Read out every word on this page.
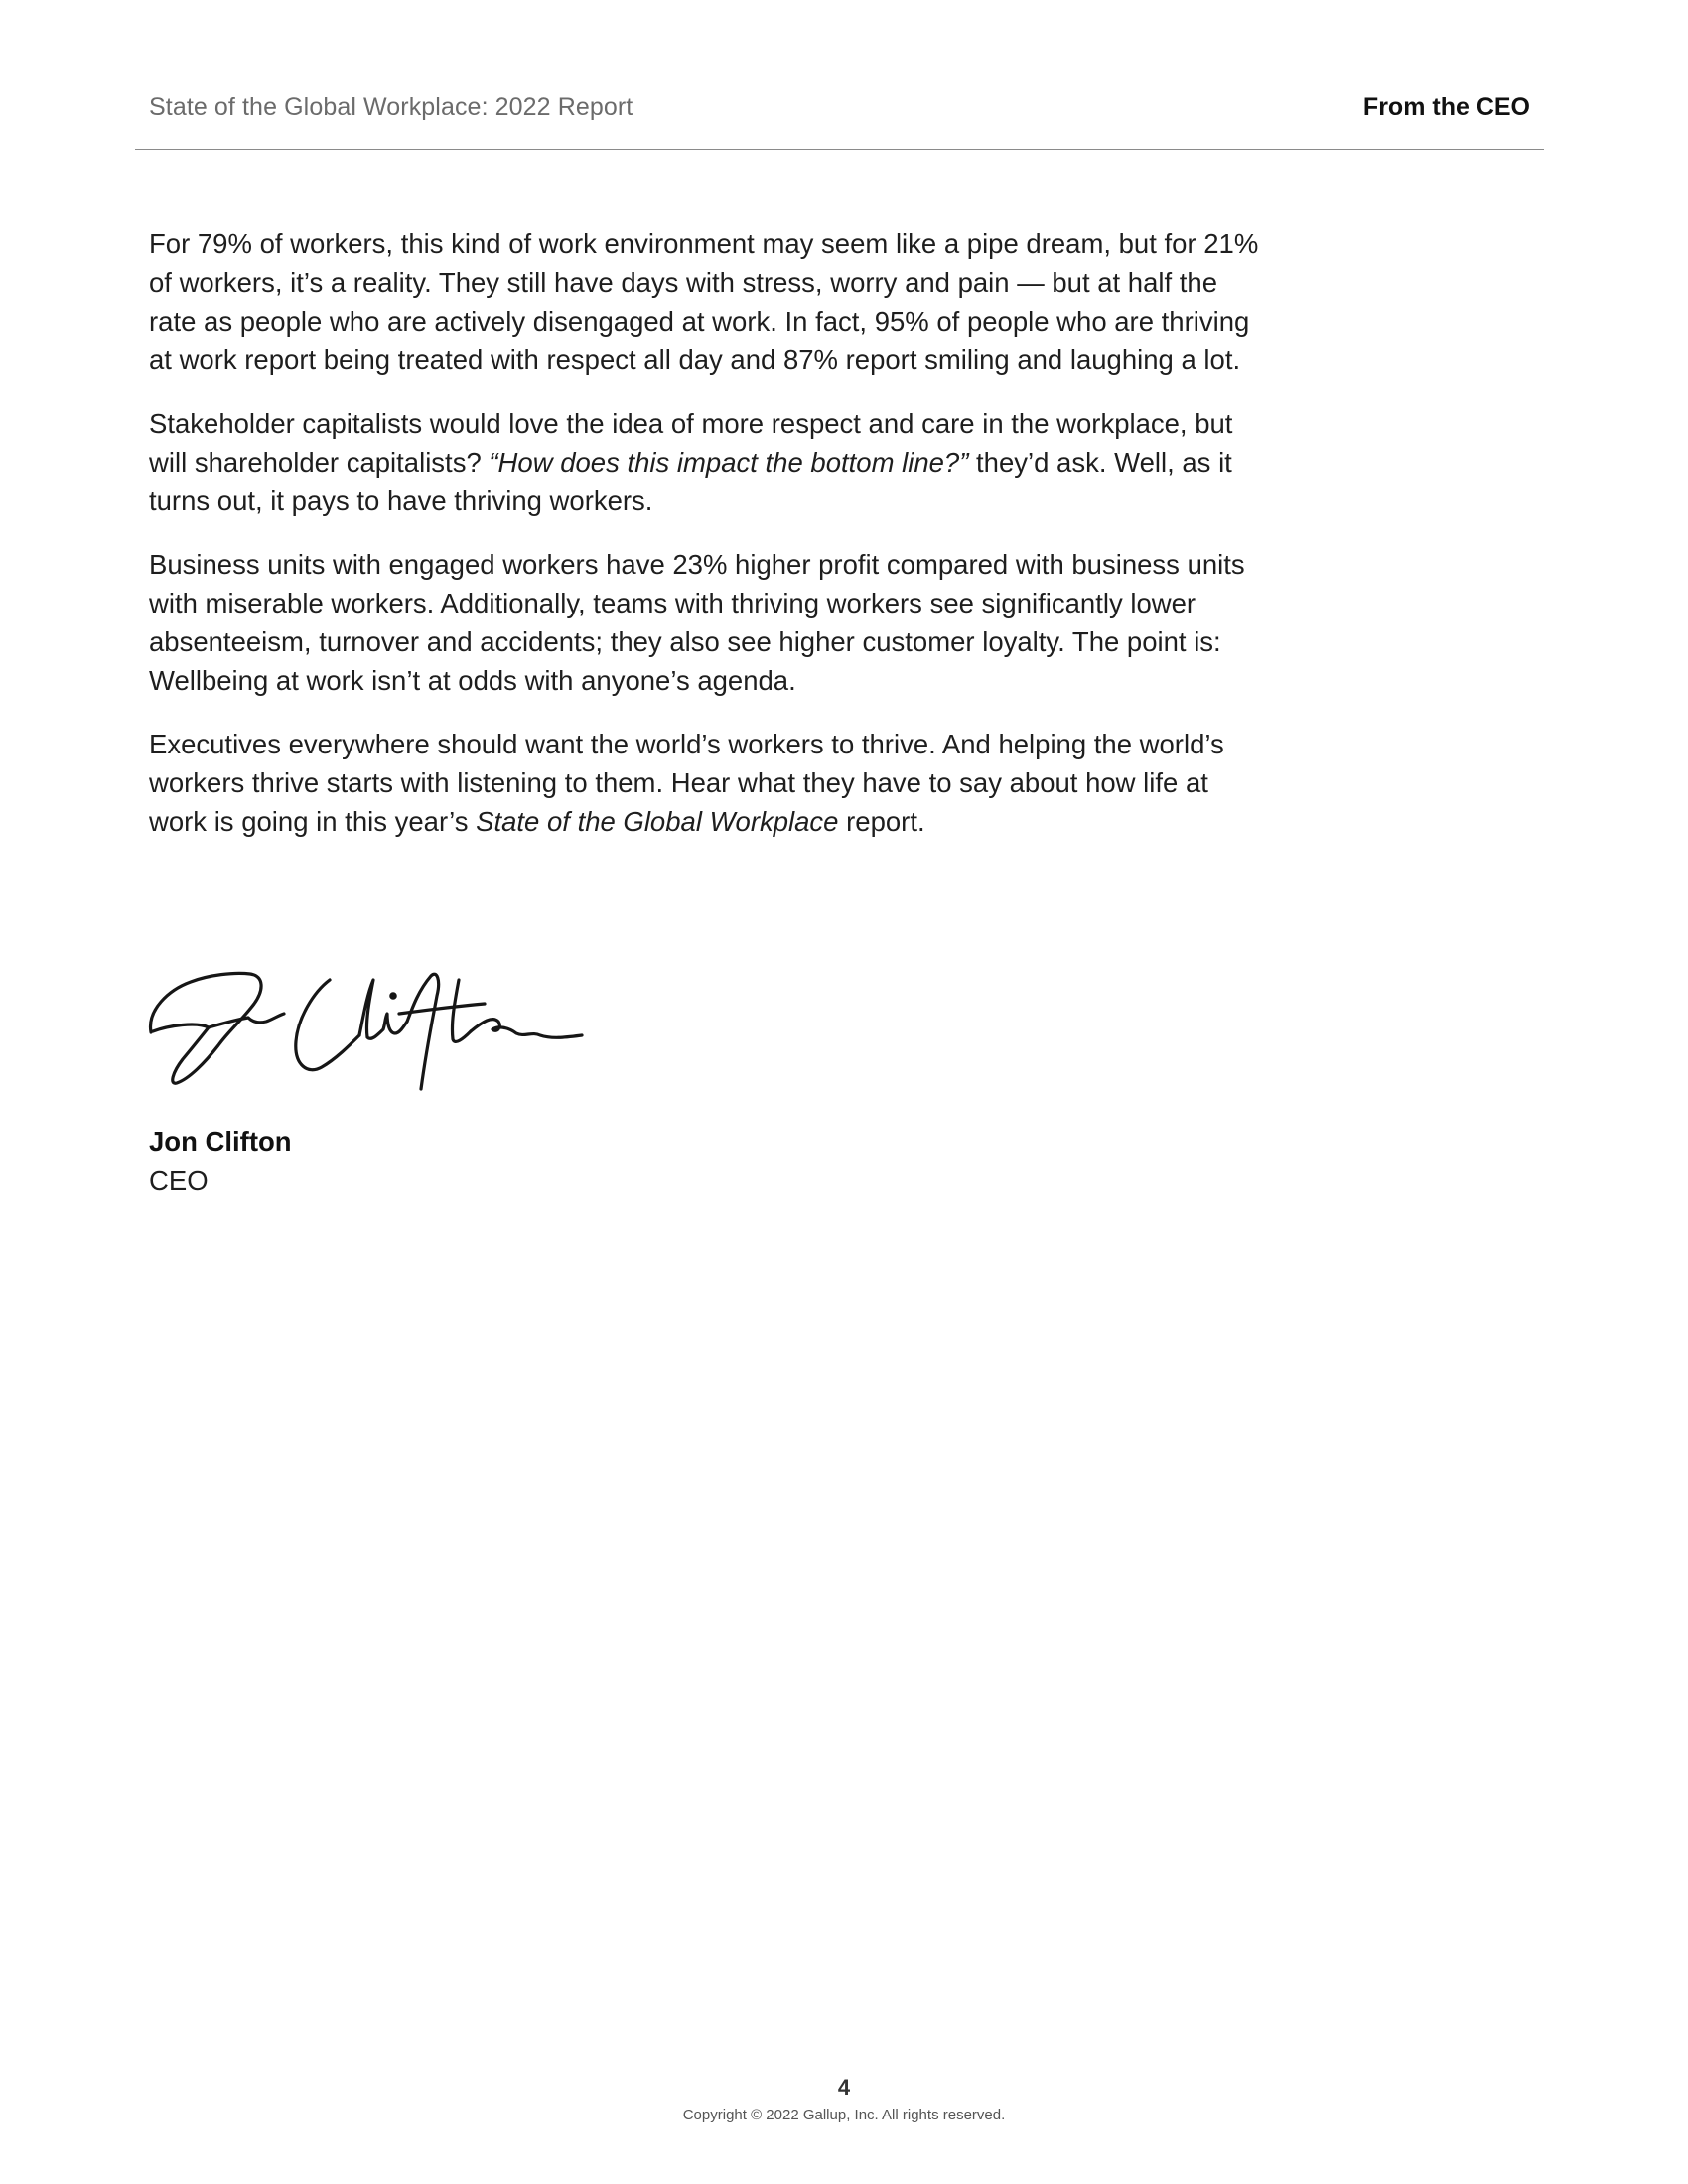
State of the Global Workplace: 2022 Report	From the CEO

For 79% of workers, this kind of work environment may seem like a pipe dream, but for 21% of workers, it’s a reality. They still have days with stress, worry and pain — but at half the rate as people who are actively disengaged at work. In fact, 95% of people who are thriving at work report being treated with respect all day and 87% report smiling and laughing a lot.

Stakeholder capitalists would love the idea of more respect and care in the workplace, but will shareholder capitalists? “How does this impact the bottom line?” they’d ask. Well, as it turns out, it pays to have thriving workers.

Business units with engaged workers have 23% higher profit compared with business units with miserable workers. Additionally, teams with thriving workers see significantly lower absenteeism, turnover and accidents; they also see higher customer loyalty. The point is: Wellbeing at work isn’t at odds with anyone’s agenda.

Executives everywhere should want the world’s workers to thrive. And helping the world’s workers thrive starts with listening to them. Hear what they have to say about how life at work is going in this year’s State of the Global Workplace report.

Jon Clifton
CEO
4
Copyright © 2022 Gallup, Inc. All rights reserved.
